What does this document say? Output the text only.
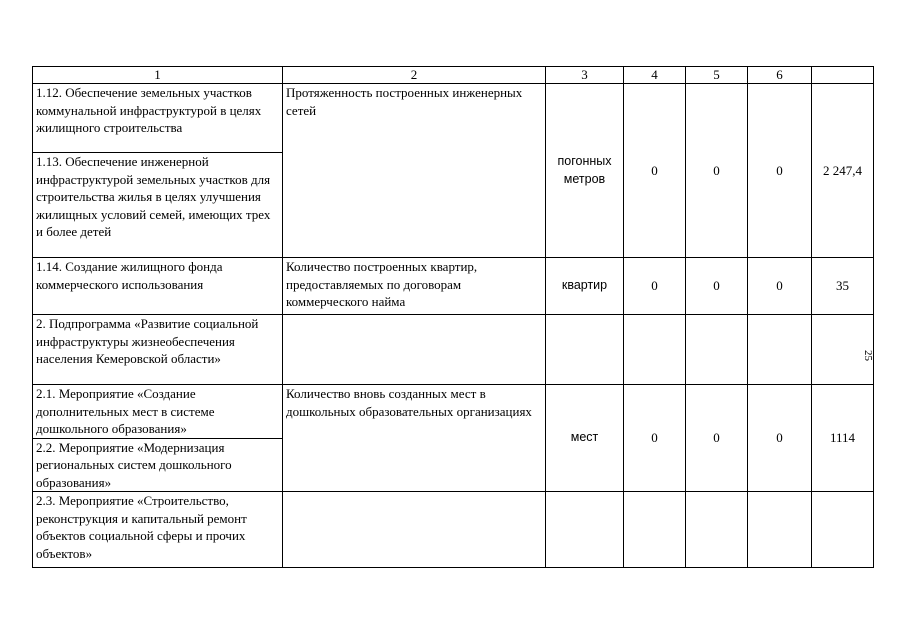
1	2	3	4	5	6	
1.12. Обеспечение земельных участков коммунальной инфраструктурой в целях жилищного строительства	Протяженность построенных инженерных сетей	погонных метров	0	0	0	2 247,4
1.13. Обеспечение инженерной инфраструктурой земельных участков для строительства жилья в целях улучшения жилищных условий семей, имеющих трех и более детей						
1.14. Создание жилищного фонда коммерческого использования	Количество построенных квартир, предоставляемых по договорам коммерческого найма	квартир	0	0	0	35
2. Подпрограмма «Развитие социальной инфраструктуры жизнеобеспечения населения Кемеровской области»						
2.1. Мероприятие «Создание дополнительных мест в системе дошкольного образования»	Количество вновь созданных мест в дошкольных образовательных организациях	мест	0	0	0	1114
2.2. Мероприятие «Модернизация региональных систем дошкольного образования»						
2.3. Мероприятие «Строительство, реконструкция и капитальный ремонт объектов социальной сферы и прочих объектов»						
25
